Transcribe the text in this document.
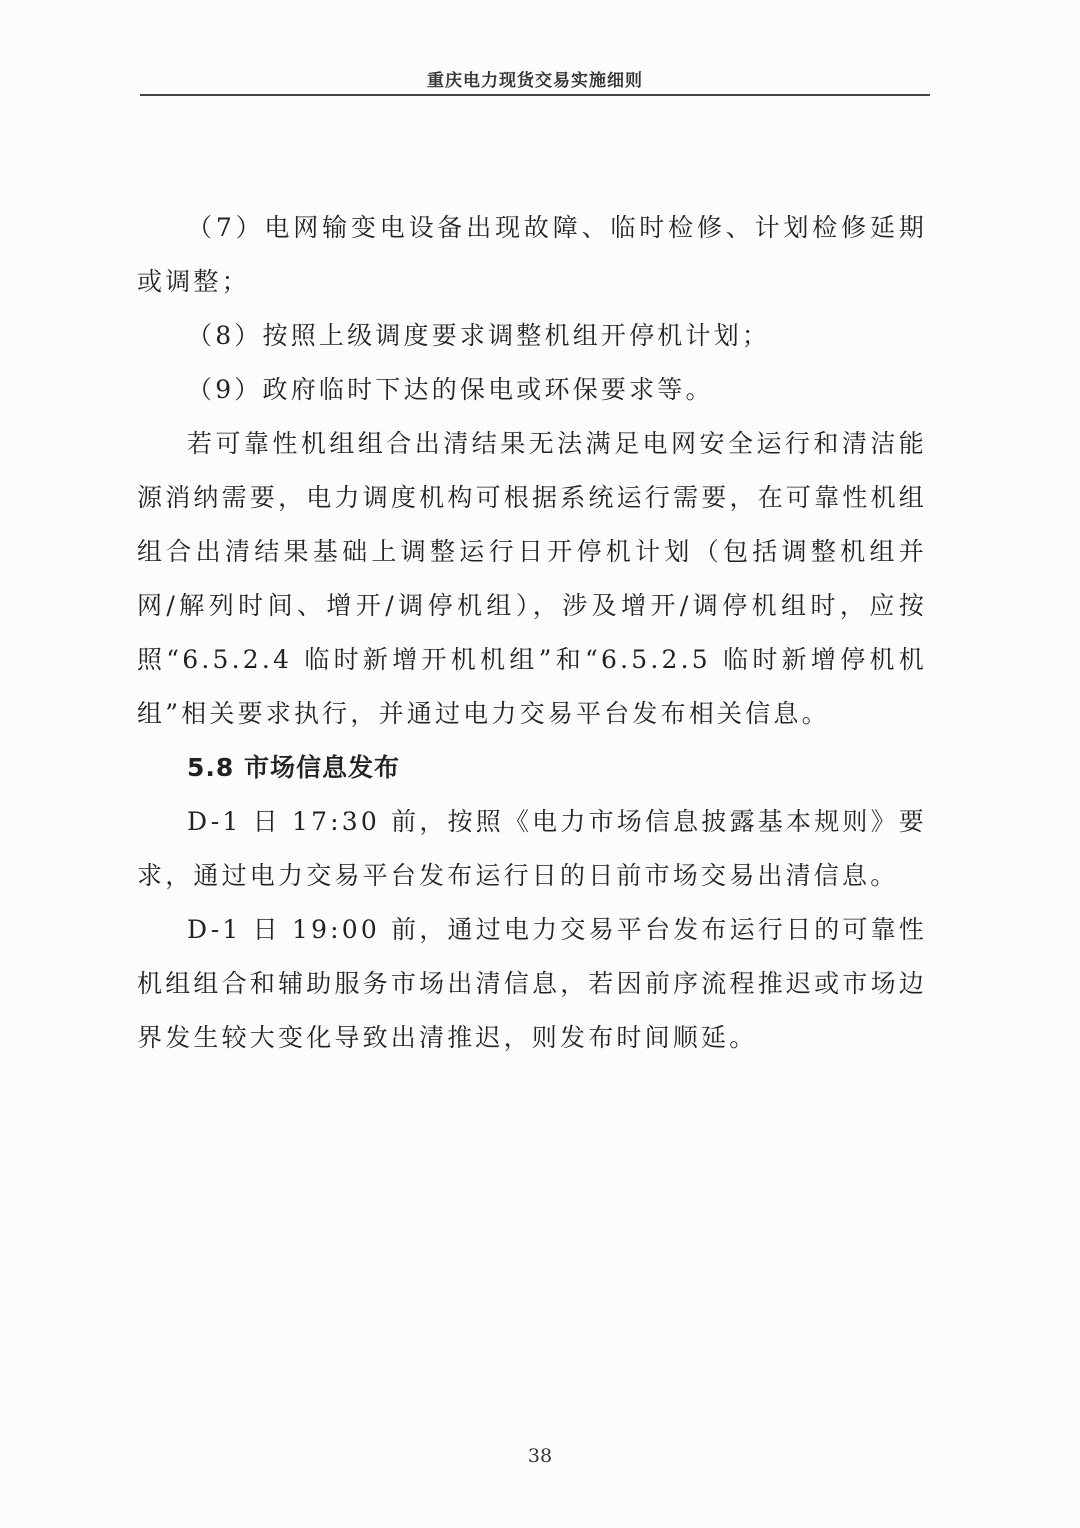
重庆电力现货交易实施细则

（7）电网输变电设备出现故障、临时检修、计划检修延期或调整；

（8）按照上级调度要求调整机组开停机计划；

（9）政府临时下达的保电或环保要求等。

若可靠性机组组合出清结果无法满足电网安全运行和清洁能源消纳需要，电力调度机构可根据系统运行需要，在可靠性机组组合出清结果基础上调整运行日开停机计划（包括调整机组并网/解列时间、增开/调停机组），涉及增开/调停机组时，应按照“6.5.2.4 临时新增开机机组”和“6.5.2.5 临时新增停机机组”相关要求执行，并通过电力交易平台发布相关信息。

5.8 市场信息发布

D-1 日 17:30 前，按照《电力市场信息披露基本规则》要求，通过电力交易平台发布运行日的日前市场交易出清信息。

D-1 日 19:00 前，通过电力交易平台发布运行日的可靠性机组组合和辅助服务市场出清信息，若因前序流程推迟或市场边界发生较大变化导致出清推迟，则发布时间顺延。

38
